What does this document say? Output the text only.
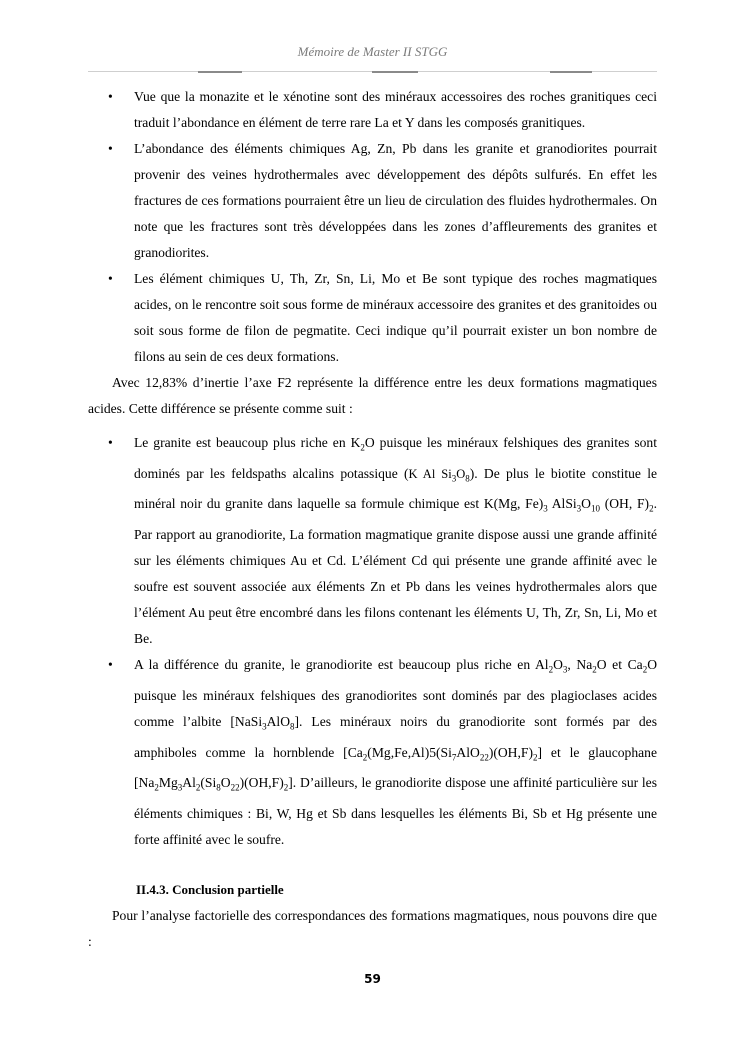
Mémoire de Master II STGG
• Vue que la monazite et le xénotine sont des minéraux accessoires des roches granitiques ceci traduit l’abondance en élément de terre rare La et Y dans les composés granitiques.
• L’abondance des éléments chimiques Ag, Zn, Pb dans les granite et granodiorites pourrait provenir des veines hydrothermales avec développement des dépôts sulfurés. En effet les fractures de ces formations pourraient être un lieu de circulation des fluides hydrothermales. On note que les fractures sont très développées dans les zones d’affleurements des granites et granodiorites.
• Les élément chimiques U, Th, Zr, Sn, Li, Mo et Be sont typique des roches magmatiques acides, on le rencontre soit sous forme de minéraux accessoire des granites et des granitoides ou soit sous forme de filon de pegmatite. Ceci indique qu’il pourrait exister un bon nombre de filons au sein de ces deux formations.

Avec 12,83% d’inertie l’axe F2 représente la différence entre les deux formations magmatiques acides. Cette différence se présente comme suit :

• Le granite est beaucoup plus riche en $K_2O$ puisque les minéraux felshiques des granites sont dominés par les feldspaths alcalins potassique (K Al $Si_3O_8$). De plus le biotite constitue le minéral noir du granite dans laquelle sa formule chimique est K(Mg, $Fe)_3$ $AlSi_3O_{10}$ (OH, $F)_2$. Par rapport au granodiorite, La formation magmatique granite dispose aussi une grande affinité sur les éléments chimiques Au et Cd. L’élément Cd qui présente une grande affinité avec le soufre est souvent associée aux éléments Zn et Pb dans les veines hydrothermales alors que l’élément Au peut être encombré dans les filons contenant les éléments U, Th, Zr, Sn, Li, Mo et Be.
• A la différence du granite, le granodiorite est beaucoup plus riche en $Al_2O_3$, $Na_2O$ et $Ca_2O$ puisque les minéraux felshiques des granodiorites sont dominés par des plagioclases acides comme l’albite [NaSi$_3$AlO$_8$]. Les minéraux noirs du granodiorite sont formés par des amphiboles comme la hornblende $[Ca_2(Mg,Fe,Al)5(Si_7AlO_{22})(OH,F)_2]$ et le glaucophane $[Na_2Mg_3Al_2(Si_8O_{22})(OH,F)_2]$. D’ailleurs, le granodiorite dispose une affinité particulière sur les éléments chimiques : Bi, W, Hg et Sb dans lesquelles les éléments Bi, Sb et Hg présente une forte affinité avec le soufre.
II.4.3. Conclusion partielle

Pour l’analyse factorielle des correspondances des formations magmatiques, nous pouvons dire que :

59
